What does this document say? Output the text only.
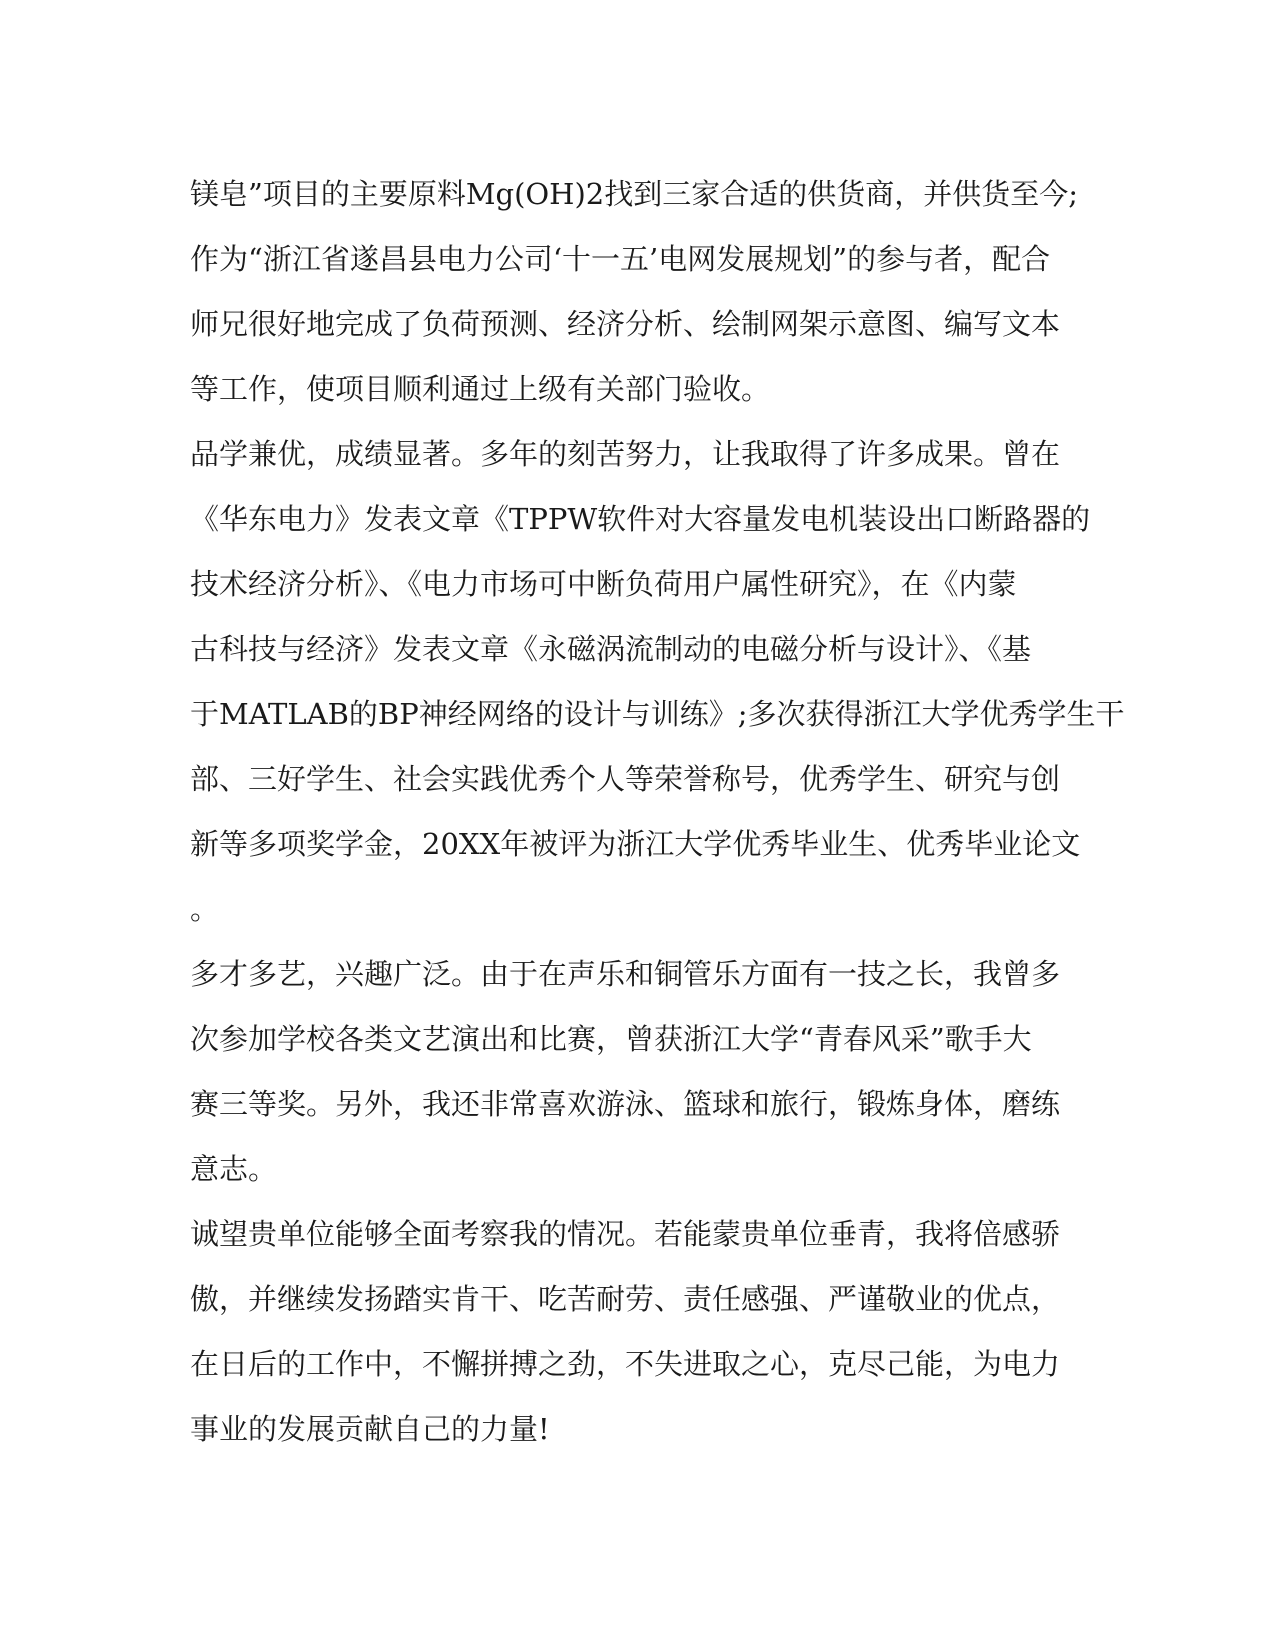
镁皂”项目的主要原料Mg(OH)2找到三家合适的供货商，并供货至今;
作为“浙江省遂昌县电力公司‘十一五’电网发展规划”的参与者，配合
师兄很好地完成了负荷预测、经济分析、绘制网架示意图、编写文本
等工作，使项目顺利通过上级有关部门验收。
品学兼优，成绩显著。多年的刻苦努力，让我取得了许多成果。曾在
《华东电力》发表文章《TPPW软件对大容量发电机装设出口断路器的
技术经济分析》、《电力市场可中断负荷用户属性研究》，在《内蒙
古科技与经济》发表文章《永磁涡流制动的电磁分析与设计》、《基
于MATLAB的BP神经网络的设计与训练》;多次获得浙江大学优秀学生干
部、三好学生、社会实践优秀个人等荣誉称号，优秀学生、研究与创
新等多项奖学金，20XX年被评为浙江大学优秀毕业生、优秀毕业论文
。
多才多艺，兴趣广泛。由于在声乐和铜管乐方面有一技之长，我曾多
次参加学校各类文艺演出和比赛，曾获浙江大学“青春风采”歌手大
赛三等奖。另外，我还非常喜欢游泳、篮球和旅行，锻炼身体，磨练
意志。
诚望贵单位能够全面考察我的情况。若能蒙贵单位垂青，我将倍感骄
傲，并继续发扬踏实肯干、吃苦耐劳、责任感强、严谨敬业的优点，
在日后的工作中，不懈拼搏之劲，不失进取之心，克尽己能，为电力
事业的发展贡献自己的力量!
